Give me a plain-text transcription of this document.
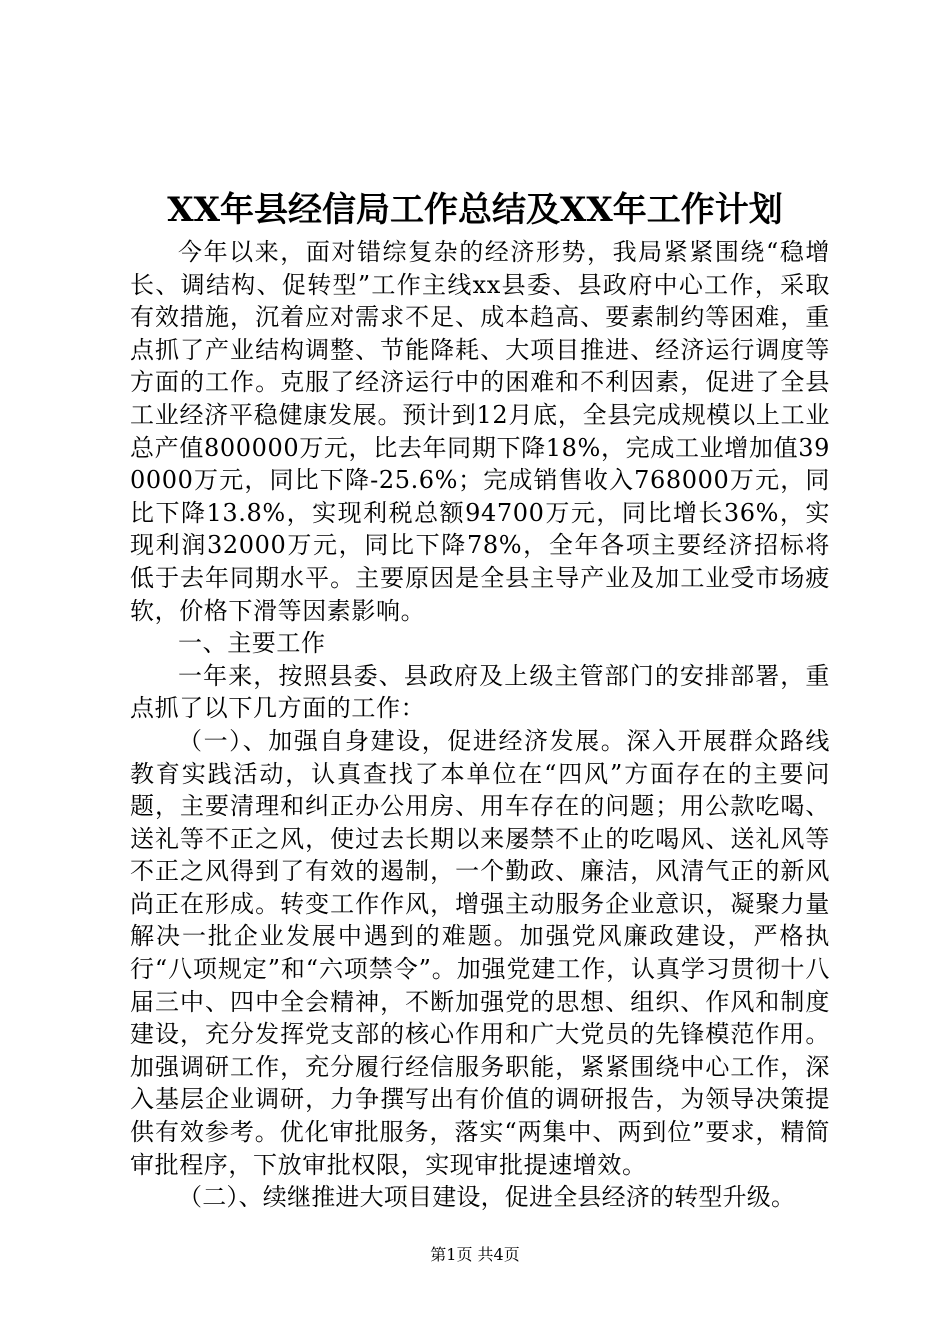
XX年县经信局工作总结及XX年工作计划

今年以来，面对错综复杂的经济形势，我局紧紧围绕“稳增长、调结构、促转型”工作主线xx县委、县政府中心工作，采取有效措施，沉着应对需求不足、成本趋高、要素制约等困难，重点抓了产业结构调整、节能降耗、大项目推进、经济运行调度等方面的工作。克服了经济运行中的困难和不利因素，促进了全县工业经济平稳健康发展。预计到12月底，全县完成规模以上工业总产值800000万元，比去年同期下降18%，完成工业增加值390000万元，同比下降-25.6%；完成销售收入768000万元，同比下降13.8%，实现利税总额94700万元，同比增长36%，实现利润32000万元，同比下降78%，全年各项主要经济招标将低于去年同期水平。主要原因是全县主导产业及加工业受市场疲软，价格下滑等因素影响。

一、主要工作

一年来，按照县委、县政府及上级主管部门的安排部署，重点抓了以下几方面的工作：

（一）、加强自身建设，促进经济发展。深入开展群众路线教育实践活动，认真查找了本单位在“四风”方面存在的主要问题，主要清理和纠正办公用房、用车存在的问题；用公款吃喝、送礼等不正之风，使过去长期以来屡禁不止的吃喝风、送礼风等不正之风得到了有效的遏制，一个勤政、廉洁，风清气正的新风尚正在形成。转变工作作风，增强主动服务企业意识，凝聚力量解决一批企业发展中遇到的难题。加强党风廉政建设，严格执行“八项规定”和“六项禁令”。加强党建工作，认真学习贯彻十八届三中、四中全会精神，不断加强党的思想、组织、作风和制度建设，充分发挥党支部的核心作用和广大党员的先锋模范作用。加强调研工作，充分履行经信服务职能，紧紧围绕中心工作，深入基层企业调研，力争撰写出有价值的调研报告，为领导决策提供有效参考。优化审批服务，落实“两集中、两到位”要求，精简审批程序，下放审批权限，实现审批提速增效。

（二）、续继推进大项目建设，促进全县经济的转型升级。

第1页 共4页
